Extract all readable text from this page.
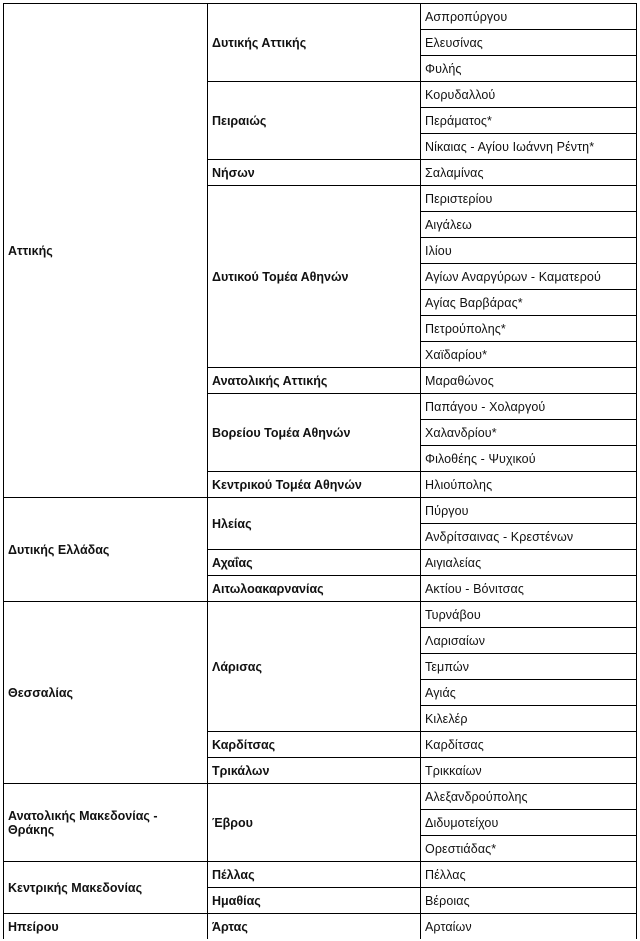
Αττικής	Δυτικής Αττικής	Ασπροπύργου
		Ελευσίνας
		Φυλής
	Πειραιώς	Κορυδαλλού
		Περάματος*
		Νίκαιας - Αγίου Ιωάννη Ρέντη*
	Νήσων	Σαλαμίνας
	Δυτικού Τομέα Αθηνών	Περιστερίου
		Αιγάλεω
		Ιλίου
		Αγίων Αναργύρων - Καματερού
		Αγίας Βαρβάρας*
		Πετρούπολης*
		Χαϊδαρίου*
	Ανατολικής Αττικής	Μαραθώνος
	Βορείου Τομέα Αθηνών	Παπάγου - Χολαργού
		Χαλανδρίου*
		Φιλοθέης - Ψυχικού
	Κεντρικού Τομέα Αθηνών	Ηλιούπολης
Δυτικής Ελλάδας	Ηλείας	Πύργου
		Ανδρίτσαινας - Κρεστένων
	Αχαΐας	Αιγιαλείας
	Αιτωλοακαρνανίας	Ακτίου - Βόνιτσας
Θεσσαλίας	Λάρισας	Τυρνάβου
		Λαρισαίων
		Τεμπών
		Αγιάς
		Κιλελέρ
	Καρδίτσας	Καρδίτσας
	Τρικάλων	Τρικκαίων
Ανατολικής Μακεδονίας - Θράκης	Έβρου	Αλεξανδρούπολης
		Διδυμοτείχου
		Ορεστιάδας*
Κεντρικής Μακεδονίας	Πέλλας	Πέλλας
	Ημαθίας	Βέροιας
Ηπείρου	Άρτας	Αρταίων
